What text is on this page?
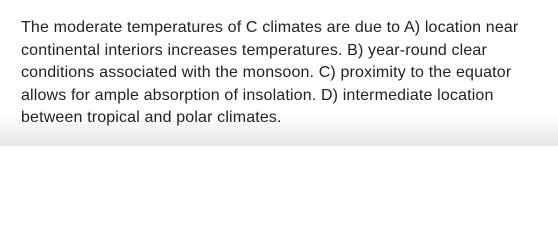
The moderate temperatures of C climates are due to A) location near continental interiors increases temperatures. B) year-round clear conditions associated with the monsoon. C) proximity to the equator allows for ample absorption of insolation. D) intermediate location between tropical and polar climates.
